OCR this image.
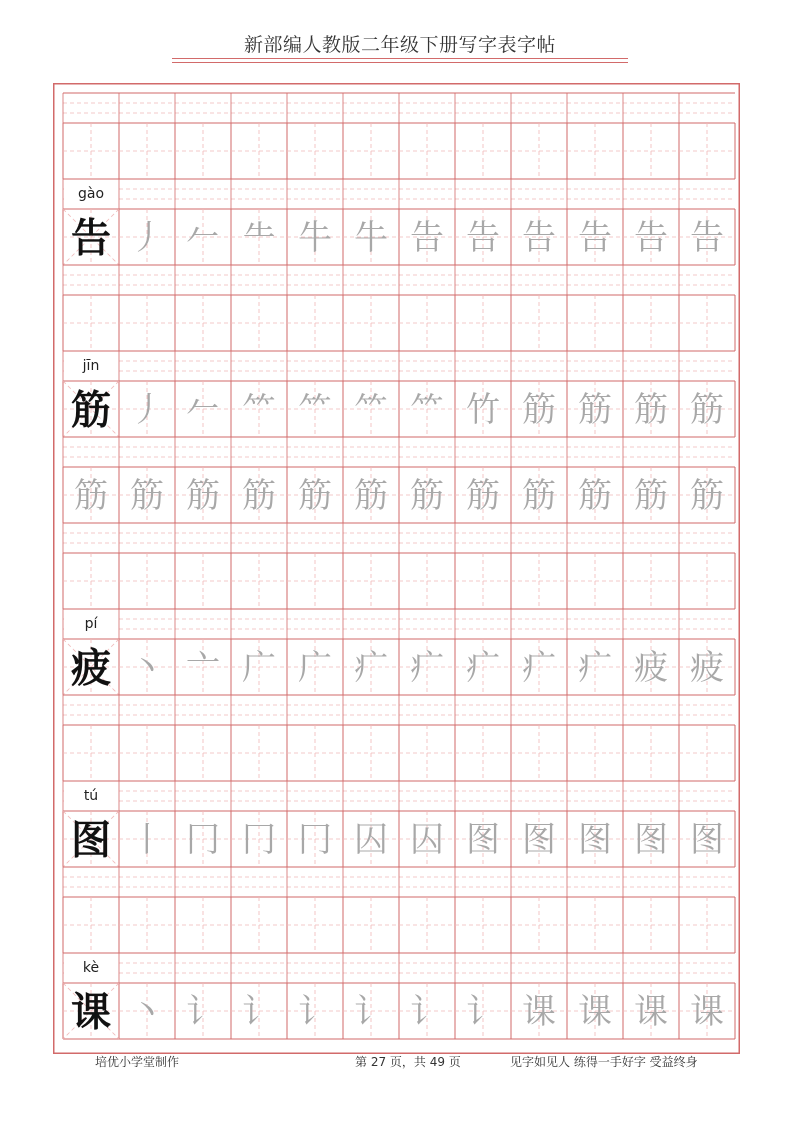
新部编人教版二年级下册写字表字帖
gào
告 丿 𠂉 ⺧ 牛 牛 告 告 告 告 告 告
jīn
筋 丿 𠂉 ⺮ ⺮ ⺮ ⺮ 竹 筋 筋 筋 筋
筋 筋 筋 筋 筋 筋 筋 筋 筋 筋 筋 筋
pí
疲 丶 亠 广 广 疒 疒 疒 疒 疒 疲 疲
tú
图 丨 冂 冂 冂 囚 囚 图 图 图 图 图
kè
课 丶 讠 讠 讠 讠 讠 讠 课 课 课 课
培优小学堂制作	第 27 页，共 49 页	见字如见人 练得一手好字 受益终身
